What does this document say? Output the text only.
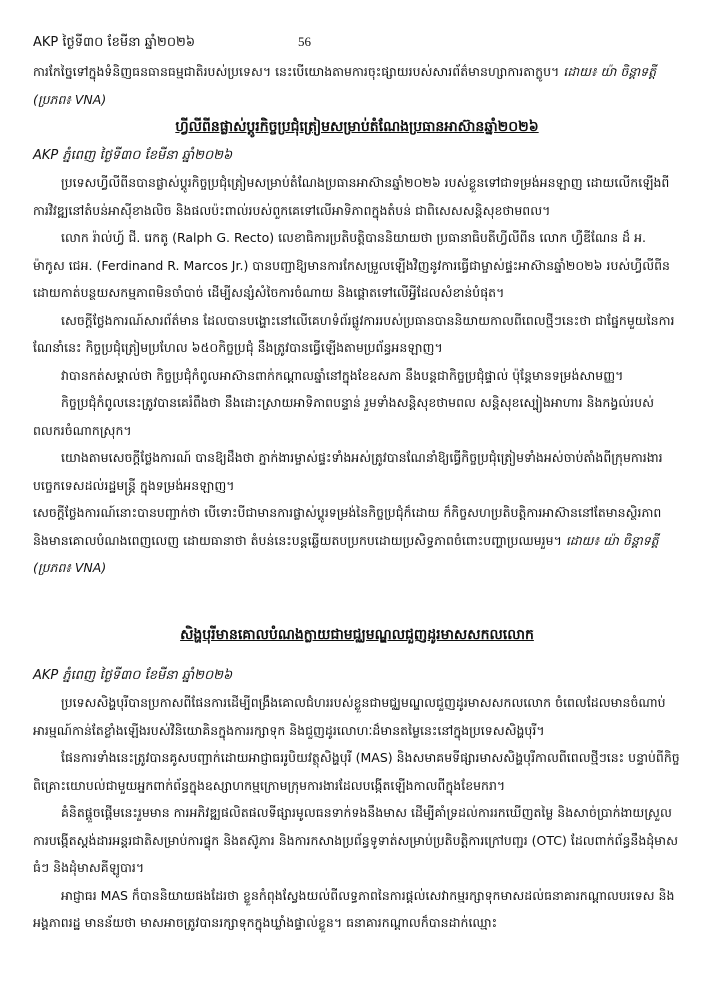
AKP ថ្ងៃទី៣០ ខែមីនា ឆ្នាំ២០២៦	56

ការកែច្នៃទៅក្នុងទំនិញធនធានធម្មជាតិរបស់ប្រទេស។ នេះបើយោងតាមការចុះផ្សាយរបស់សារព័ត៌មានហ្សាការតាក្លូប។ ដោយ៖ យ៉ា ចិន្តាទត្តី (ប្រភព៖ VNA)

ហ្វីលីពីនផ្លាស់ប្ដូរកិច្ចប្រជុំត្រៀមសម្រាប់តំណែងប្រធានអាស៊ានឆ្នាំ២០២៦
AKP ភ្នំពេញ ថ្ងៃទី៣០ ខែមីនា ឆ្នាំ២០២៦

ប្រទេសហ្វីលីពីនបានផ្លាស់ប្ដូរកិច្ចប្រជុំត្រៀមសម្រាប់តំណែងប្រធានអាស៊ានឆ្នាំ២០២៦ របស់ខ្លួនទៅជាទម្រង់អនឡាញ ដោយលើកឡើងពីការវិវឌ្ឍនៅតំបន់អាស៊ីខាងលិច និងផលប៉ះពាល់របស់ពួកគេទៅលើអាទិភាពក្នុងតំបន់ ជាពិសេសសន្តិសុខថាមពល។

លោក រ៉ាល់ហ្វ៍ ជី. រេកតូ (Ralph G. Recto) លេខាធិការប្រតិបត្តិបាននិយាយថា ប្រធានាធិបតីហ្វីលីពីន លោក ហ្វឺឌីណែន ដ៏ អ. ម៉ាកូស ជេអ. (Ferdinand R. Marcos Jr.) បានបញ្ជាឱ្យមានការកែសម្រួលឡើងវិញនូវការធ្វើជាម្ចាស់ផ្ទះអាស៊ានឆ្នាំ២០២៦ របស់ហ្វីលីពីន ដោយកាត់បន្ថយសកម្មភាពមិនចាំបាច់ ដើម្បីសន្សំសំចៃការចំណាយ និងផ្ដោតទៅលើអ្វីដែលសំខាន់បំផុត។

សេចក្ដីថ្លែងការណ៍សារព័ត៌មាន ដែលបានបង្ហោះនៅលើគេហទំព័រផ្លូវការរបស់ប្រធានបាននិយាយកាលពីពេលថ្មីៗនេះថា ជាផ្នែកមួយនៃការណែនាំនេះ កិច្ចប្រជុំត្រៀមប្រហែល ៦៥០កិច្ចប្រជុំ នឹងត្រូវបានធ្វើឡើងតាមប្រព័ន្ធអនឡាញ។

វាបានកត់សម្គាល់ថា កិច្ចប្រជុំកំពូលអាស៊ានពាក់កណ្ដាលឆ្នាំនៅក្នុងខែឧសភា នឹងបន្តជាកិច្ចប្រជុំផ្ទាល់ ប៉ុន្តែមានទម្រង់សាមញ្ញ។

កិច្ចប្រជុំកំពូលនេះត្រូវបានគេរំពឹងថា នឹងដោះស្រាយអាទិភាពបន្ទាន់ រួមទាំងសន្តិសុខថាមពល សន្តិសុខស្បៀងអាហារ និងកង្វល់របស់ពលករចំណាកស្រុក។

យោងតាមសេចក្ដីថ្លែងការណ៍ បានឱ្យដឹងថា ភ្នាក់ងារម្ចាស់ផ្ទះទាំងអស់ត្រូវបានណែនាំឱ្យធ្វើកិច្ចប្រជុំត្រៀមទាំងអស់ចាប់តាំងពីក្រុមការងារបច្ចេកទេសដល់រដ្ឋមន្ត្រី ក្នុងទម្រង់អនឡាញ។

សេចក្ដីថ្លែងការណ៍នោះបានបញ្ជាក់ថា បើទោះបីជាមានការផ្លាស់ប្ដូរទម្រង់នៃកិច្ចប្រជុំក៏ដោយ ក៏កិច្ចសហប្រតិបត្តិការអាស៊ាននៅតែមានស្ថិរភាព និងមានគោលបំណងពេញលេញ ដោយធានាថា តំបន់នេះបន្តឆ្លើយតបប្រកបដោយប្រសិទ្ធភាពចំពោះបញ្ហាប្រឈមរួម។ ដោយ៖ យ៉ា ចិន្តាទត្តី (ប្រភព៖ VNA)

សិង្ហបុរីមានគោលបំណងក្លាយជាមជ្ឈមណ្ឌលជួញដូរមាសសកលលោក
AKP ភ្នំពេញ ថ្ងៃទី៣០ ខែមីនា ឆ្នាំ២០២៦

ប្រទេសសិង្ហបុរីបានប្រកាសពីផែនការដើម្បីពង្រឹងគោលជំហររបស់ខ្លួនជាមជ្ឈមណ្ឌលជួញដូរមាសសកលលោក ចំពេលដែលមានចំណាប់អារម្មណ៍កាន់តែខ្លាំងឡើងរបស់វិនិយោគិនក្នុងការរក្សាទុក និងជួញដូរលោហៈដ៏មានតម្លៃនេះនៅក្នុងប្រទេសសិង្ហបុរី។

ផែនការទាំងនេះត្រូវបានគូសបញ្ជាក់ដោយអាជ្ញាធររូបិយវត្ថុសិង្ហបុរី (MAS) និងសមាគមទីផ្សារមាសសិង្ហបុរីកាលពីពេលថ្មីៗនេះ បន្ទាប់ពីកិច្ចពិគ្រោះយោបល់ជាមួយអ្នកពាក់ព័ន្ធក្នុងឧស្សាហកម្មក្រោមក្រុមការងារដែលបង្កើតឡើងកាលពីក្នុងខែមករា។

គំនិតផ្ដួចផ្ដើមនេះរួមមាន ការអភិវឌ្ឍផលិតផលទីផ្សារមូលធនទាក់ទងនឹងមាស ដើម្បីគាំទ្រដល់ការរកឃើញតម្លៃ និងសាច់ប្រាក់ងាយស្រួល ការបង្កើតស្ដង់ដារអន្តរជាតិសម្រាប់ការផ្ទុក និងតស៊ូភារ និងការកសាងប្រព័ន្ធទូទាត់សម្រាប់ប្រតិបត្តិការក្រៅបញ្ជរ (OTC) ដែលពាក់ព័ន្ធនឹងដុំមាសធំៗ និងដុំមាសគីឡូបារ។

អាជ្ញាធរ MAS ក៏បាននិយាយផងដែរថា ខ្លួនកំពុងស្វែងយល់ពីលទ្ធភាពនៃការផ្ដល់សេវាកម្មរក្សាទុកមាសដល់ធនាគារកណ្ដាលបរទេស និងអង្គភាពរដ្ឋ មានន័យថា មាសអាចត្រូវបានរក្សាទុកក្នុងឃ្លាំងផ្ទាល់ខ្លួន។ ធនាគារកណ្ដាលក៏បានដាក់ឈ្មោះ
